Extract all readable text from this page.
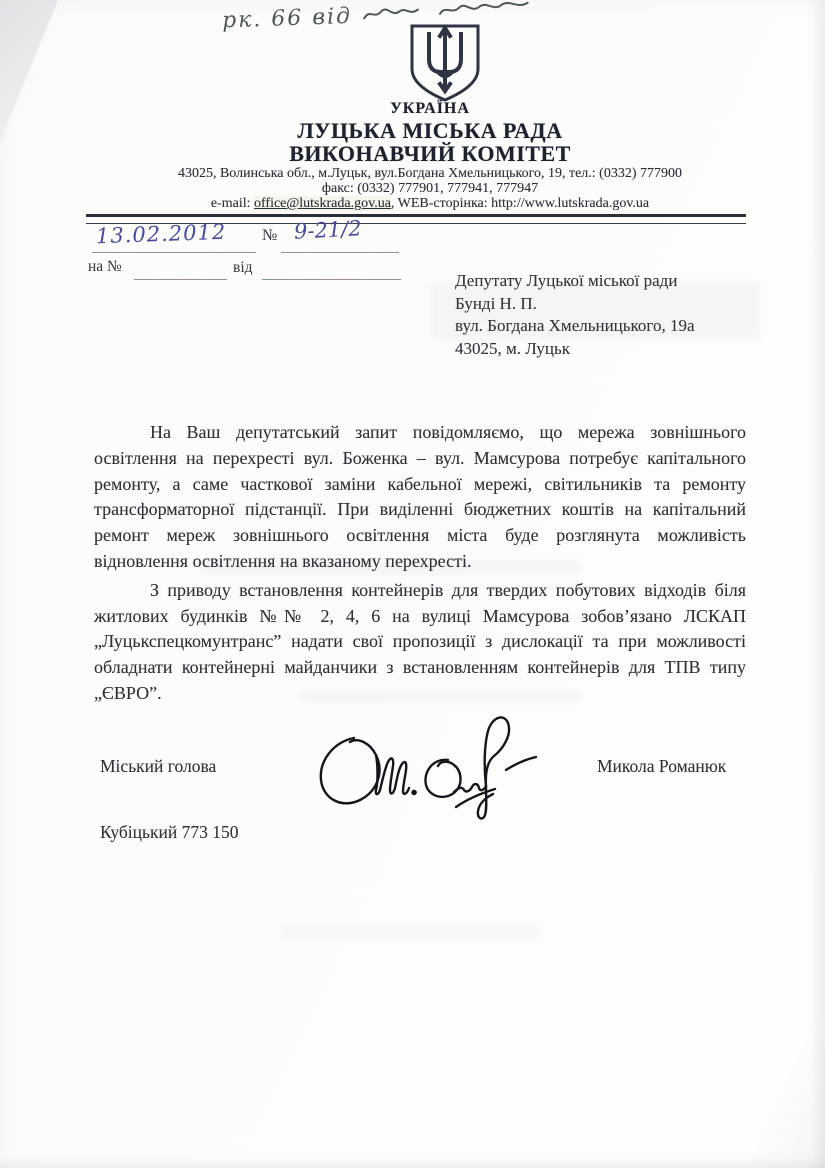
рк. 66 від
УКРАЇНА
ЛУЦЬКА МІСЬКА РАДА
ВИКОНАВЧИЙ КОМІТЕТ
43025, Волинська обл., м.Луцьк, вул.Богдана Хмельницького, 19, тел.: (0332) 777900
факс: (0332) 777901, 777941, 777947
e-mail: office@lutskrada.gov.ua, WEB-сторінка: http://www.lutskrada.gov.ua
13.02.2012 № 9-21/2
на №	від
Депутату Луцької міської ради
Бунді Н. П.
вул. Богдана Хмельницького, 19а
43025, м. Луцьк

На Ваш депутатський запит повідомляємо, що мережа зовнішнього освітлення на перехресті вул. Боженка – вул. Мамсурова потребує капітального ремонту, а саме часткової заміни кабельної мережі, світильників та ремонту трансформаторної підстанції. При виділенні бюджетних коштів на капітальний ремонт мереж зовнішнього освітлення міста буде розглянута можливість відновлення освітлення на вказаному перехресті.

З приводу встановлення контейнерів для твердих побутових відходів біля житлових будинків №№ 2, 4, 6 на вулиці Мамсурова зобов’язано ЛСКАП „Луцькспецкомунтранс” надати свої пропозиції з дислокації та при можливості обладнати контейнерні майданчики з встановленням контейнерів для ТПВ типу „ЄВРО”.

Міський голова	Микола Романюк
Кубіцький 773 150
